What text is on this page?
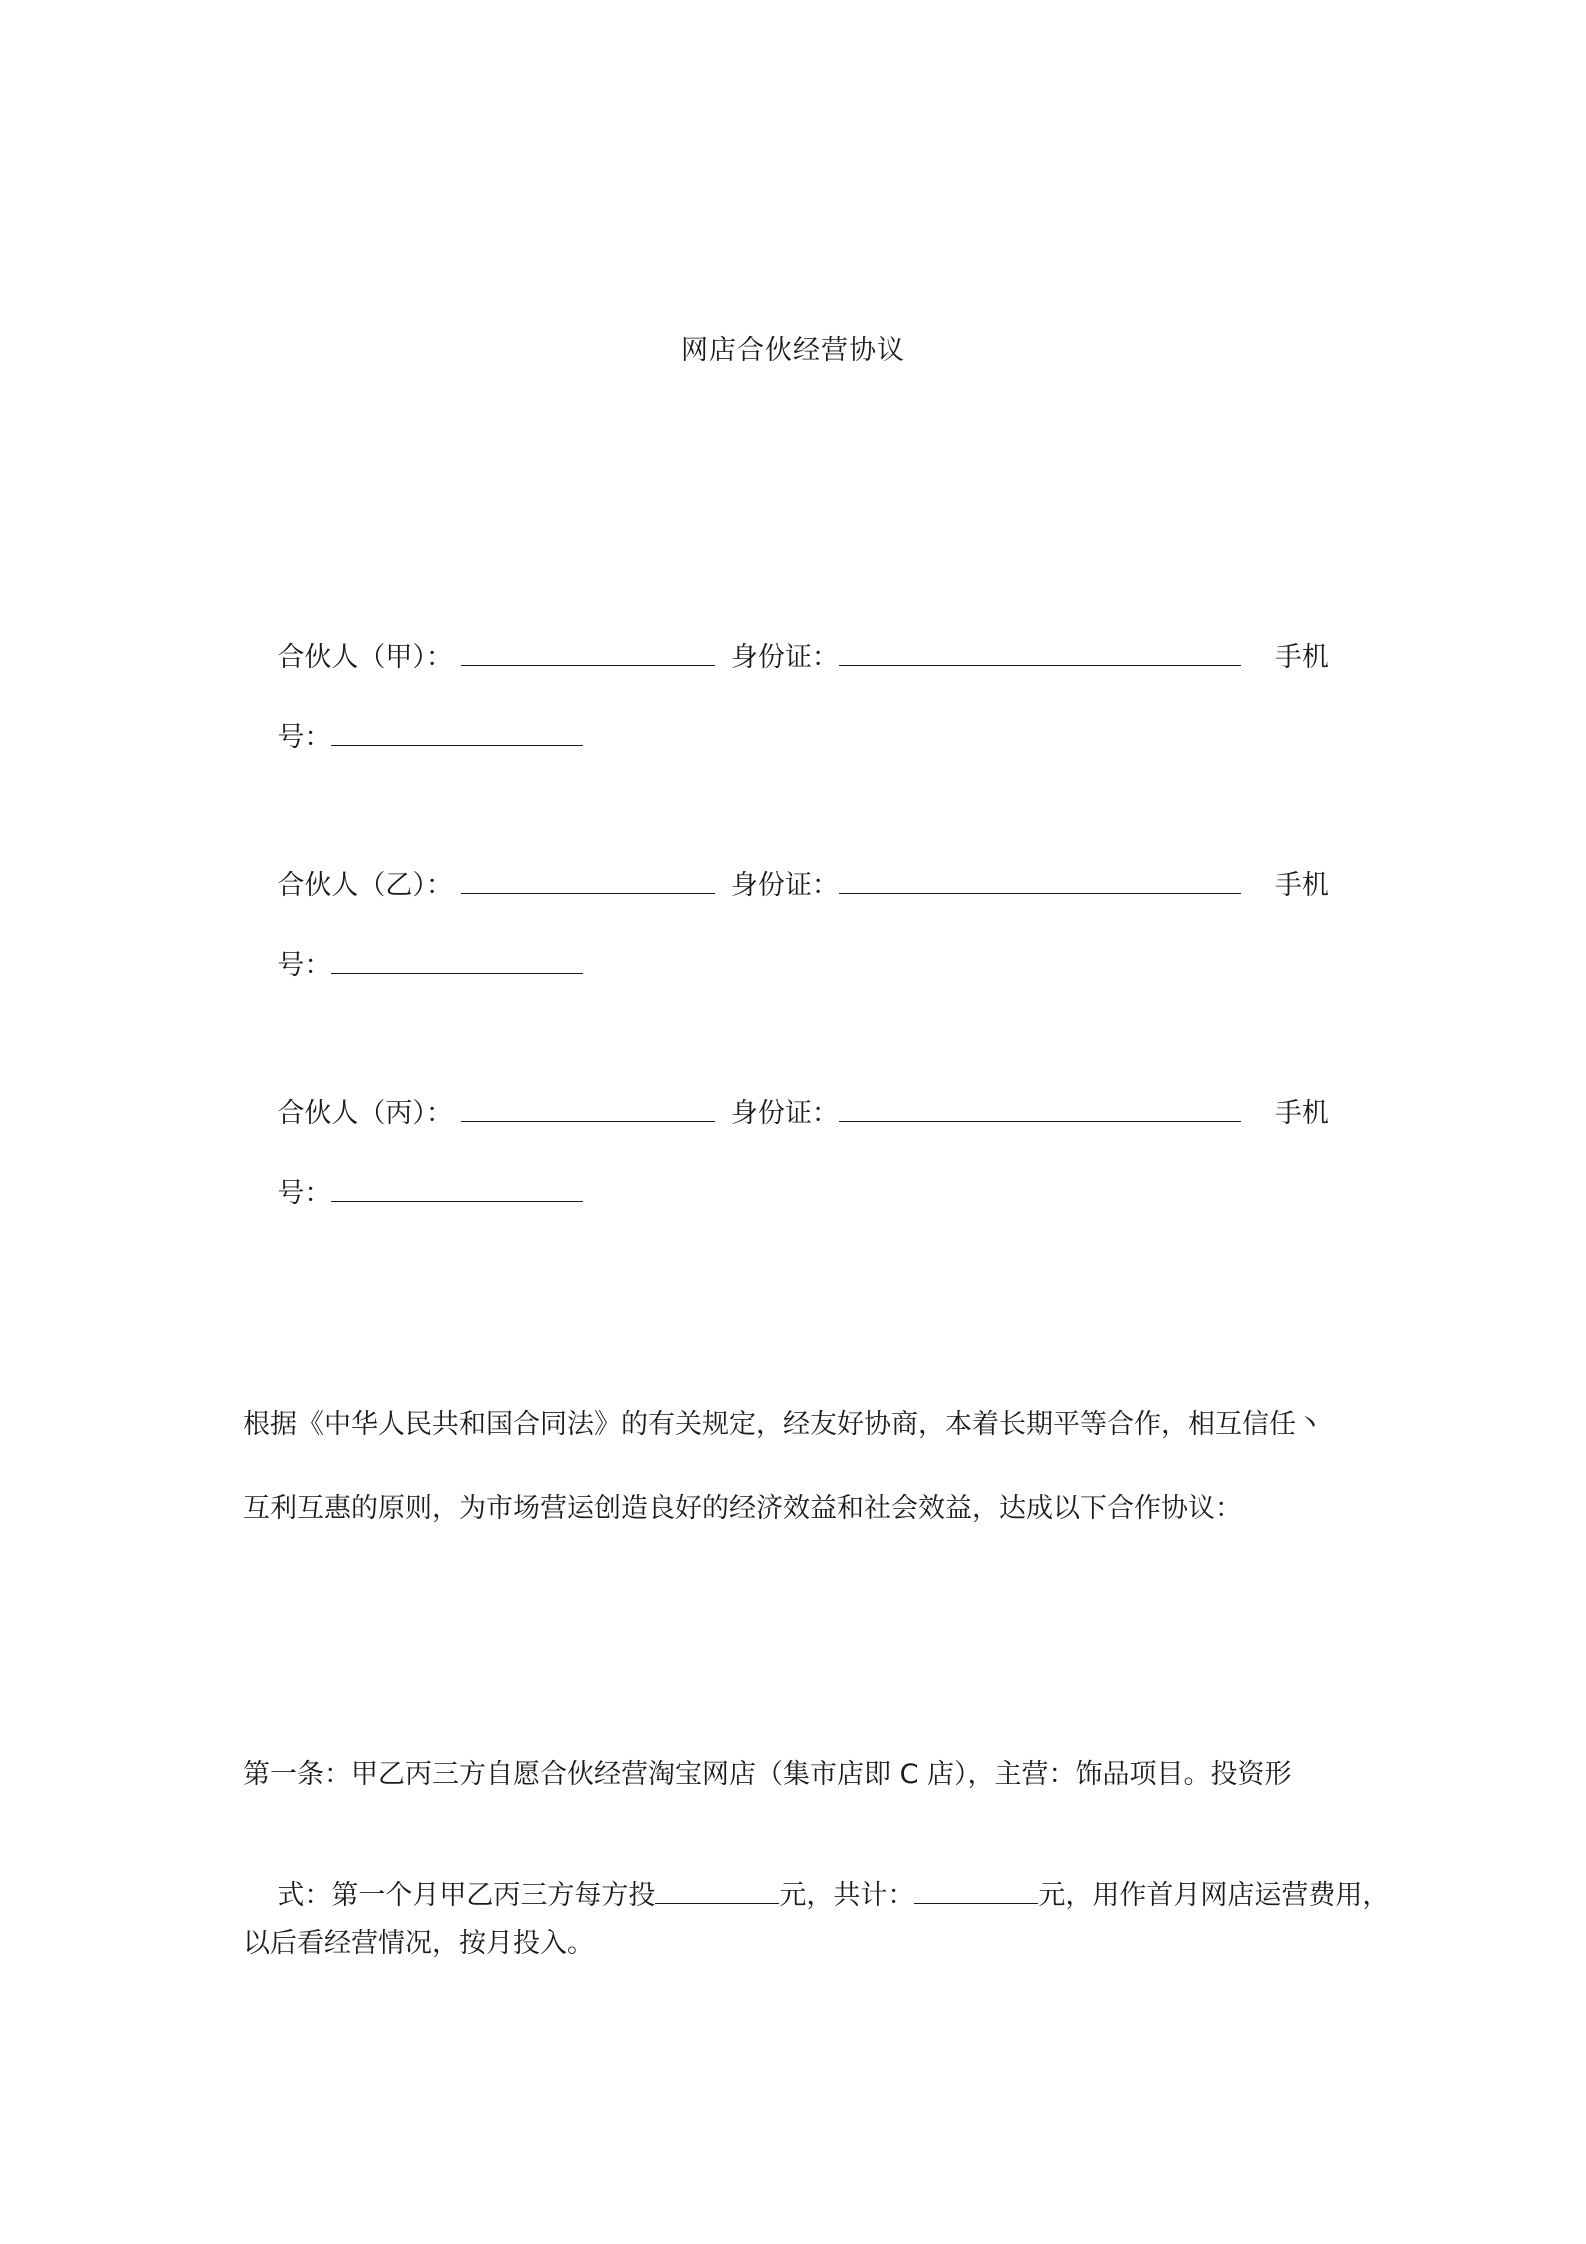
网店合伙经营协议

合伙人（甲）：	身份证：	手机

号：

合伙人（乙）：	身份证：	手机

号：

合伙人（丙）：	身份证：	手机

号：

根据《中华人民共和国合同法》的有关规定，经友好协商，本着长期平等合作，相互信任丶
互利互惠的原则，为市场营运创造良好的经济效益和社会效益，达成以下合作协议：
第一条：甲乙丙三方自愿合伙经营淘宝网店（集市店即 C 店），主营：饰品项目。投资形

式：第一个月甲乙丙三方每方投	元，共计：	元，用作首月网店运营费用，

以后看经营情况，按月投入。
